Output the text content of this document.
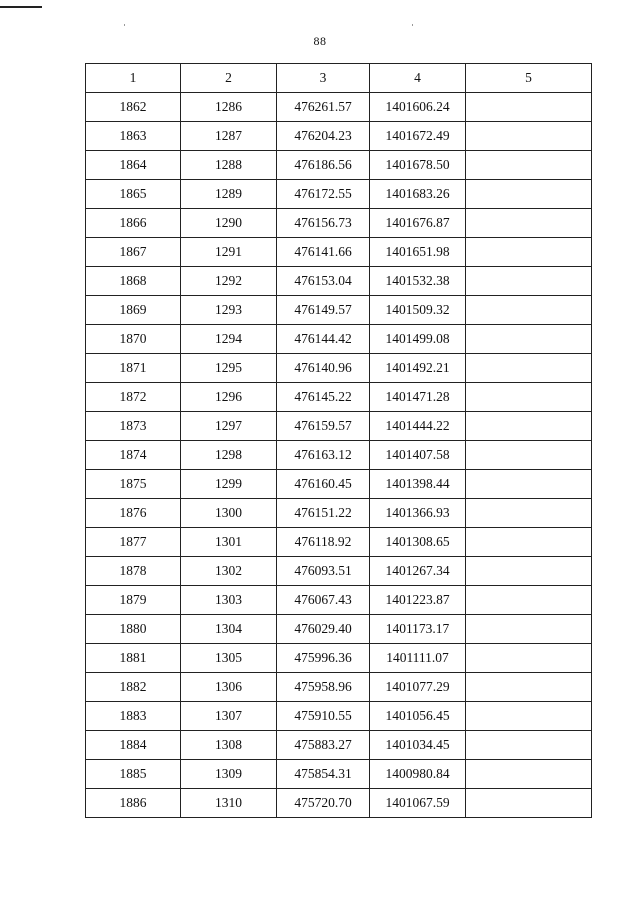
88
1	2	3	4	5
1862	1286	476261.57	1401606.24	
1863	1287	476204.23	1401672.49	
1864	1288	476186.56	1401678.50	
1865	1289	476172.55	1401683.26	
1866	1290	476156.73	1401676.87	
1867	1291	476141.66	1401651.98	
1868	1292	476153.04	1401532.38	
1869	1293	476149.57	1401509.32	
1870	1294	476144.42	1401499.08	
1871	1295	476140.96	1401492.21	
1872	1296	476145.22	1401471.28	
1873	1297	476159.57	1401444.22	
1874	1298	476163.12	1401407.58	
1875	1299	476160.45	1401398.44	
1876	1300	476151.22	1401366.93	
1877	1301	476118.92	1401308.65	
1878	1302	476093.51	1401267.34	
1879	1303	476067.43	1401223.87	
1880	1304	476029.40	1401173.17	
1881	1305	475996.36	1401111.07	
1882	1306	475958.96	1401077.29	
1883	1307	475910.55	1401056.45	
1884	1308	475883.27	1401034.45	
1885	1309	475854.31	1400980.84	
1886	1310	475720.70	1401067.59	
